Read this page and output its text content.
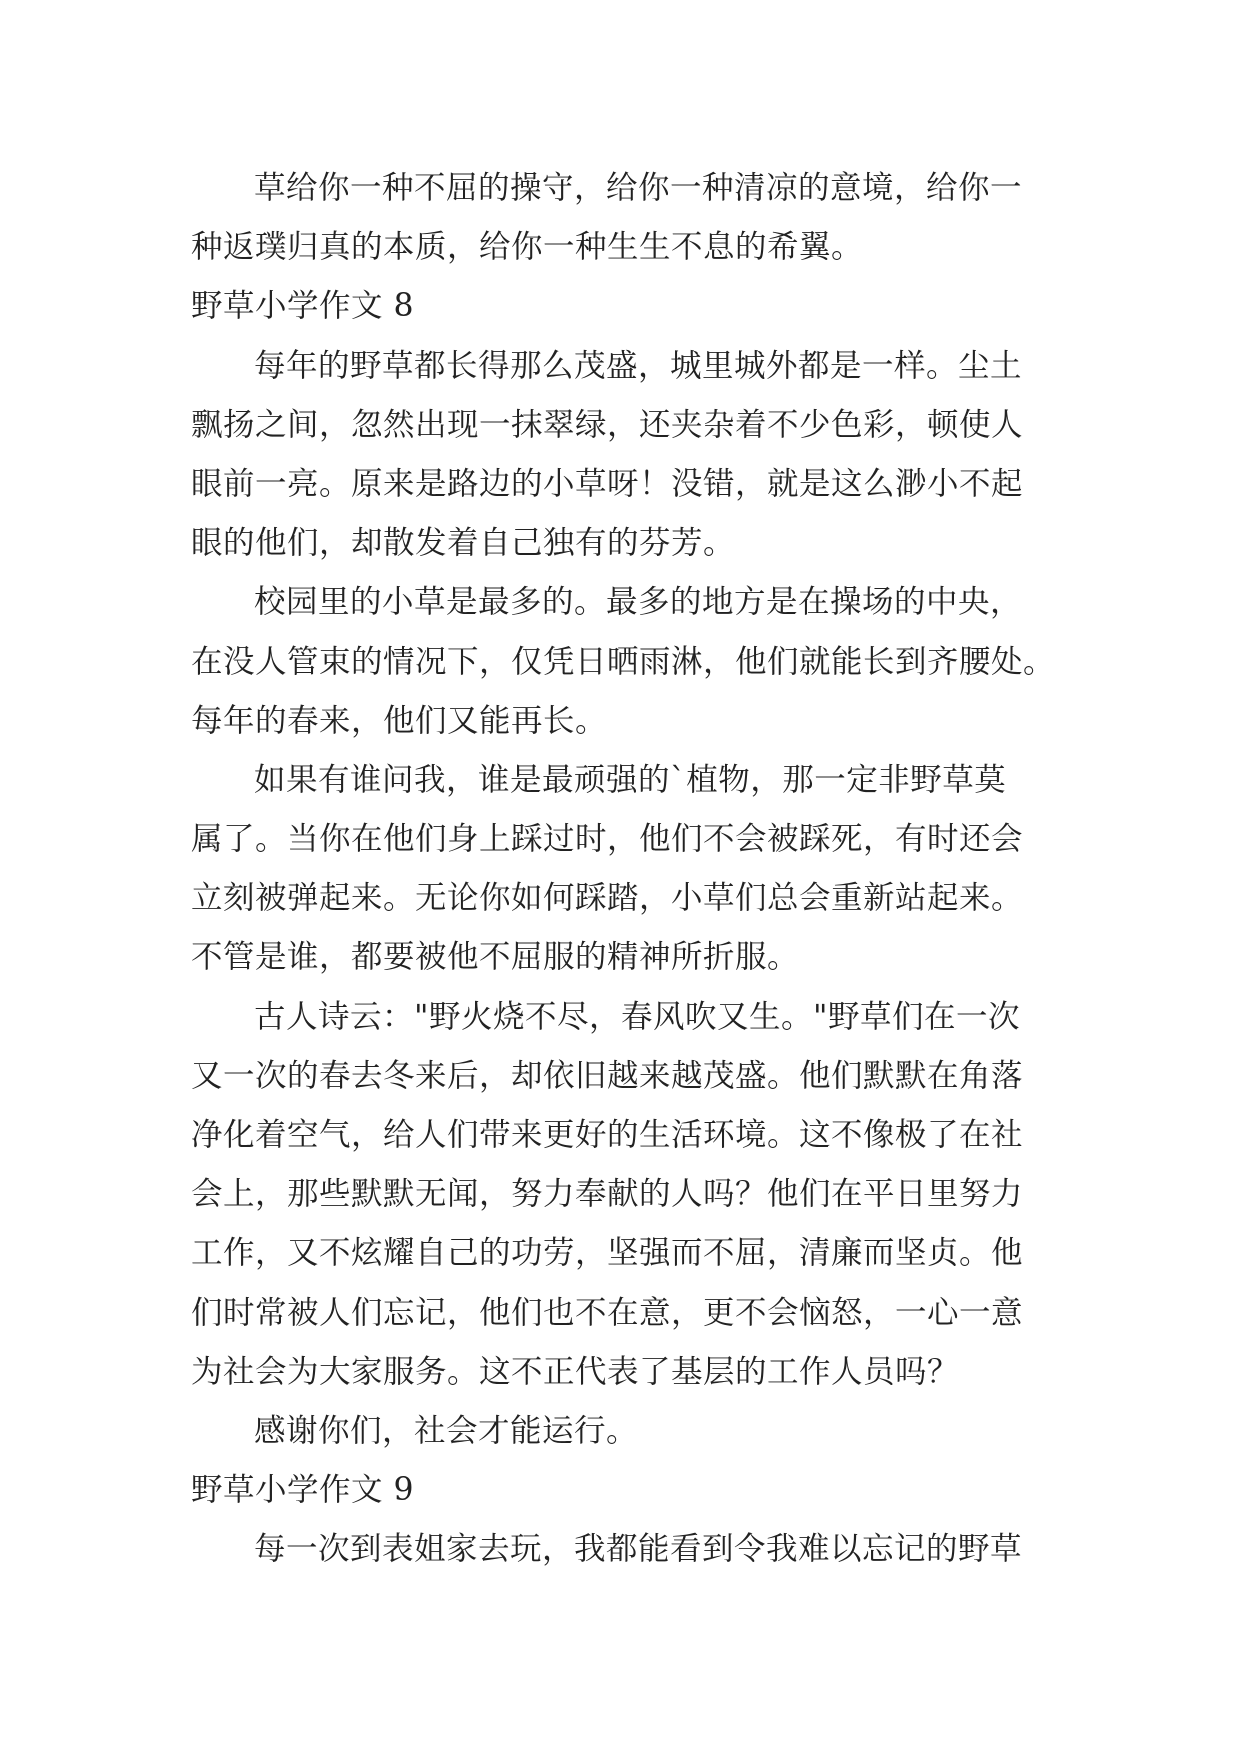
草给你一种不屈的操守，给你一种清凉的意境，给你一
种返璞归真的本质，给你一种生生不息的希翼。
野草小学作文 8
每年的野草都长得那么茂盛，城里城外都是一样。尘土
飘扬之间，忽然出现一抹翠绿，还夹杂着不少色彩，顿使人
眼前一亮。原来是路边的小草呀！没错，就是这么渺小不起
眼的他们，却散发着自己独有的芬芳。
校园里的小草是最多的。最多的地方是在操场的中央，
在没人管束的情况下，仅凭日晒雨淋，他们就能长到齐腰处。
每年的春来，他们又能再长。
如果有谁问我，谁是最顽强的`植物，那一定非野草莫
属了。当你在他们身上踩过时，他们不会被踩死，有时还会
立刻被弹起来。无论你如何踩踏，小草们总会重新站起来。
不管是谁，都要被他不屈服的精神所折服。
古人诗云："野火烧不尽，春风吹又生。"野草们在一次
又一次的春去冬来后，却依旧越来越茂盛。他们默默在角落
净化着空气，给人们带来更好的生活环境。这不像极了在社
会上，那些默默无闻，努力奉献的人吗？他们在平日里努力
工作，又不炫耀自己的功劳，坚强而不屈，清廉而坚贞。他
们时常被人们忘记，他们也不在意，更不会恼怒，一心一意
为社会为大家服务。这不正代表了基层的工作人员吗？
感谢你们，社会才能运行。
野草小学作文 9
每一次到表姐家去玩，我都能看到令我难以忘记的野草
